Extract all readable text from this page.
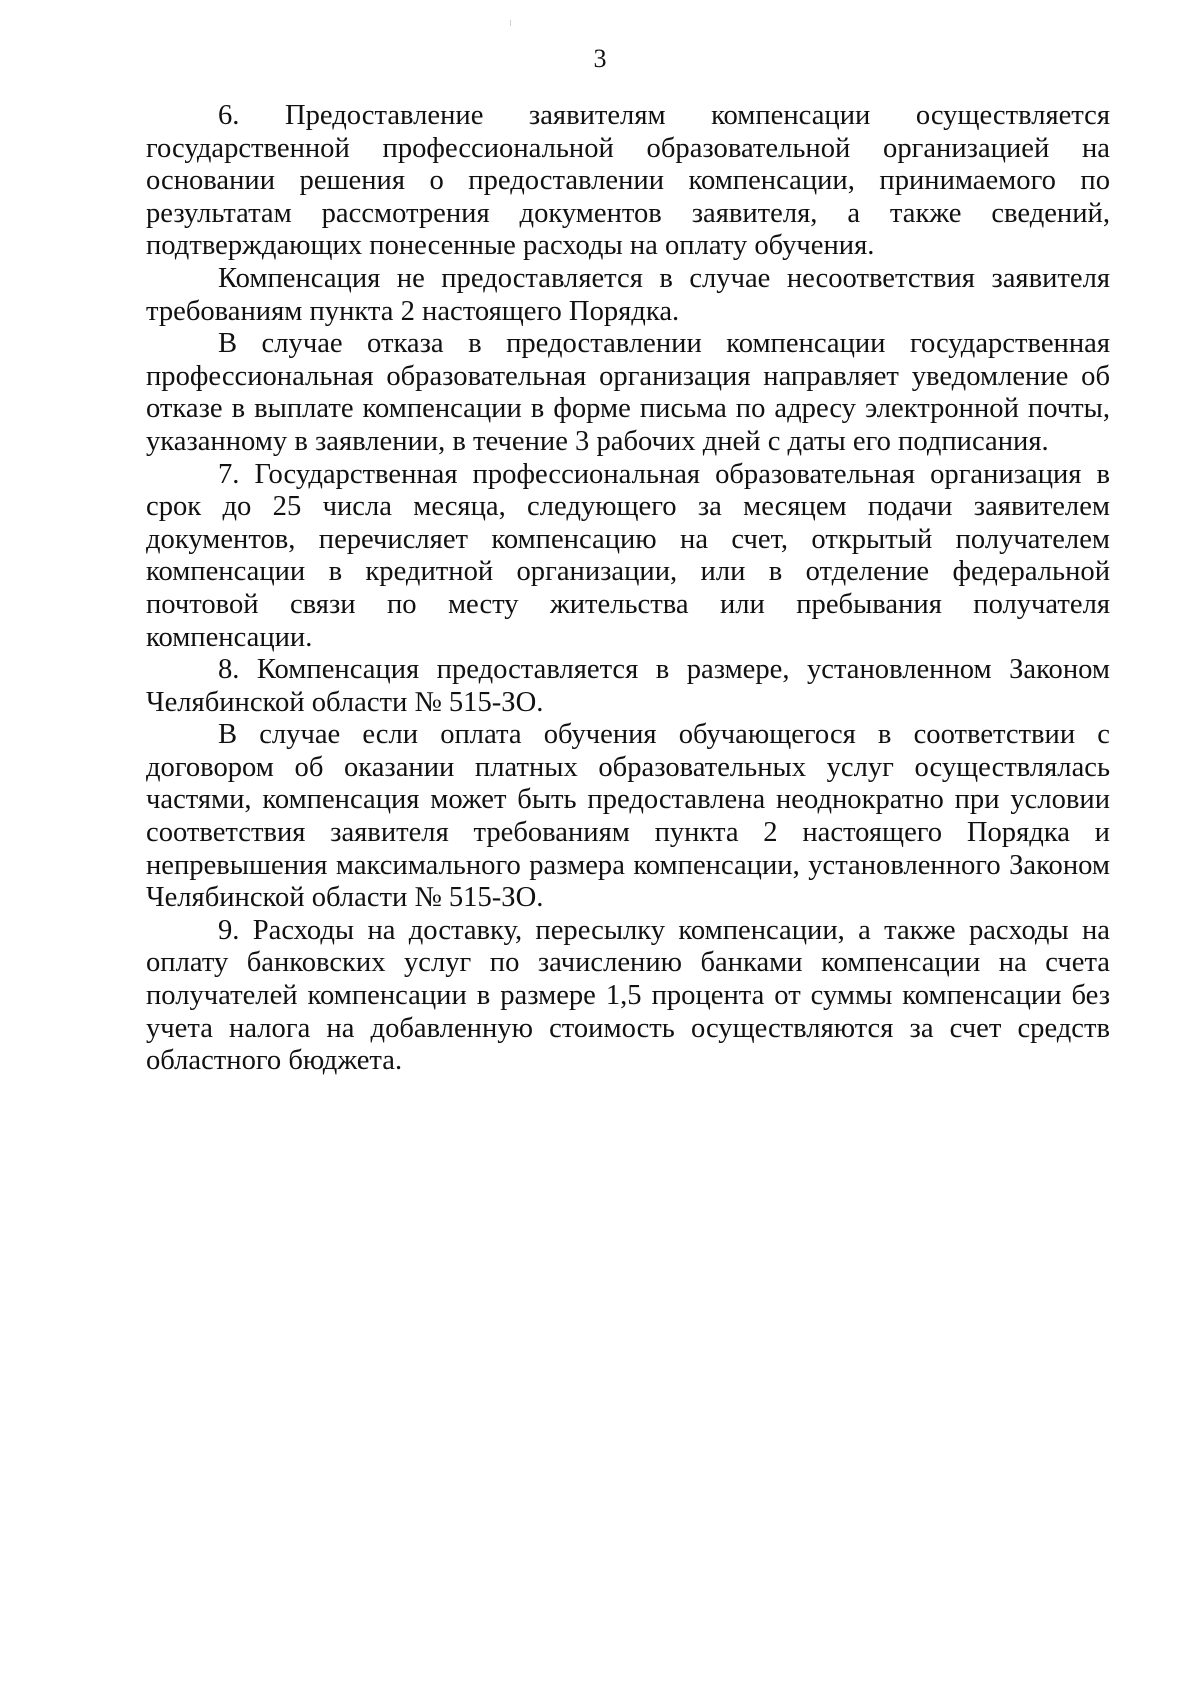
3

6. Предоставление заявителям компенсации осуществляется государственной профессиональной образовательной организацией на основании решения о предоставлении компенсации, принимаемого по результатам рассмотрения документов заявителя, а также сведений, подтверждающих понесенные расходы на оплату обучения.

Компенсация не предоставляется в случае несоответствия заявителя требованиям пункта 2 настоящего Порядка.

В случае отказа в предоставлении компенсации государственная профессиональная образовательная организация направляет уведомление об отказе в выплате компенсации в форме письма по адресу электронной почты, указанному в заявлении, в течение 3 рабочих дней с даты его подписания.

7. Государственная профессиональная образовательная организация в срок до 25 числа месяца, следующего за месяцем подачи заявителем документов, перечисляет компенсацию на счет, открытый получателем компенсации в кредитной организации, или в отделение федеральной почтовой связи по месту жительства или пребывания получателя компенсации.

8. Компенсация предоставляется в размере, установленном Законом Челябинской области № 515-ЗО.

В случае если оплата обучения обучающегося в соответствии с договором об оказании платных образовательных услуг осуществлялась частями, компенсация может быть предоставлена неоднократно при условии соответствия заявителя требованиям пункта 2 настоящего Порядка и непревышения максимального размера компенсации, установленного Законом Челябинской области № 515-ЗО.

9. Расходы на доставку, пересылку компенсации, а также расходы на оплату банковских услуг по зачислению банками компенсации на счета получателей компенсации в размере 1,5 процента от суммы компенсации без учета налога на добавленную стоимость осуществляются за счет средств областного бюджета.
